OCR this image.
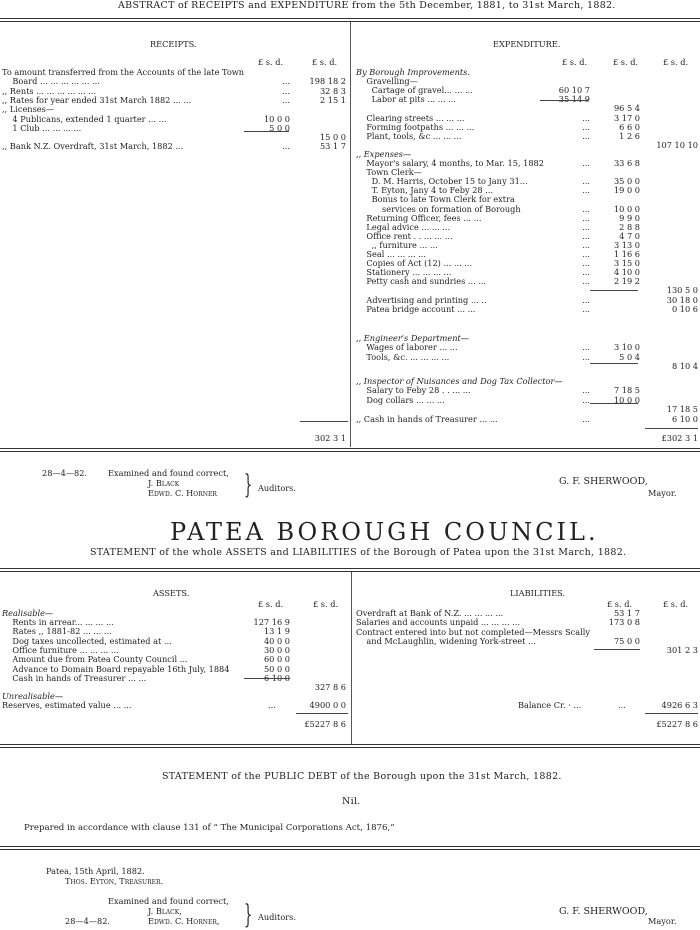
ABSTRACT of RECEIPTS and EXPENDITURE from the 5th December, 1881, to 31st March, 1882.
RECEIPTS.
£ s. d.	£ s. d.
To amount transferred from the Accounts of the late Town
Board ... ... ... ... ... ...	...	198 18 2
,, Rents ... ... ... ... ... ...	...	32 8 3
,, Rates for year ended 31st March 1882 ... ...	...	2 15 1
,, Licenses—
4 Publicans, extended 1 quarter ... ...	10 0 0
1 Club ... ... ... ...	5 0 0
15 0 0
,, Bank N.Z. Overdraft, 31st March, 1882 ...	...	53 1 7
302 3 1
EXPENDITURE.
£ s. d.	£ s. d.	£ s. d.
By Borough Improvements.
Gravelling—
Cartage of gravel... ... ...	60 10 7
Labor at pits ... ... ...	35 14 9
96 5 4
Clearing streets ... ... ...	...	3 17 0
Forming footpaths ... ... ...	...	6 6 0
Plant, tools, &c ... ... ...	...	1 2 6
107 10 10
,, Expenses—
Mayor's salary, 4 months, to Mar. 15, 1882	...	33 6 8
Town Clerk—
D. M. Harris, October 15 to Janу 31...	...	35 0 0
T. Eyton, Jany 4 to Feby 28 ...	...	19 0 0
Bonus to late Town Clerk for extra
services on formation of Borough	...	10 0 0
Returning Officer, fees ... ...	...	9 9 0
Legal advice ... ... ...	...	2 8 8
Office rent . . ... ... ...	...	4 7 0
,, furniture ... ...	...	3 13 0
Seal ... ... ... ...	...	1 16 6
Copies of Act (12) ... ... ...	...	3 15 0
Stationery ... ... ... ...	...	4 10 0
Petty cash and sundries ... ...	...	2 19 2
130 5 0
Advertising and printing ... ..	...	30 18 0
Patea bridge account ... ...	...	0 10 6
,, Engineer's Department—
Wages of laborer ... ...	...	3 10 0
Tools, &c. ... ... ... ...	...	5 0 4
8 10 4
,, Inspector of Nuisances and Dog Tax Collector—
Salary to Feby 28 . . ... ...	...	7 18 5
Dog collars ... ... ...	...	10 0 0
17 18 5
,, Cash in hands of Treasurer ... ...	...	6 10 0
£302 3 1
28—4—82.	Examined and found correct,
J. Black
Edwd. C. Horner } Auditors.
G. F. SHERWOOD,
Mayor.
PATEA BOROUGH COUNCIL.
STATEMENT of the whole ASSETS and LIABILITIES of the Borough of Patea upon the 31st March, 1882.
ASSETS.
£ s. d.	£ s. d.
Realisable—
Rents in arrear... ... ... ...	127 16 9
Rates ,, 1881-82 ... ... ...	13 1 9
Dog taxes uncollected, estimated at ...	40 0 0
Office furniture ... ... ... ...	30 0 0
Amount due from Patea County Council ...	60 0 0
Advance to Domain Board repayable 16th July, 1884	50 0 0
Cash in hands of Treasurer ... ...	6 10 0
327 8 6
Unrealisable—
Reserves, estimated value ... ...	...	4900 0 0
£5227 8 6
LIABILITIES.
£ s. d.	£ s. d.
Overdraft at Bank of N.Z. ... ... ... ...	53 1 7
Salaries and accounts unpaid ... ... ... ...	173 0 8
Contract entered into but not completed—Messrs Scally
and McLaughlin, widening York-street ...	75 0 0
301 2 3
Balance Cr. · ...	...	4926 6 3
£5227 8 6
STATEMENT of the PUBLIC DEBT of the Borough upon the 31st March, 1882.
Nil.
Prepared in accordance with clause 131 of “ The Municipal Corporations Act, 1876,”
Patea, 15th April, 1882.
Thos. Eyton, Treasurer.
Examined and found correct,
J. Black,
Edwd. C. Horner,
28—4—82.	} Auditors.	G. F. SHERWOOD,
Mayor.
